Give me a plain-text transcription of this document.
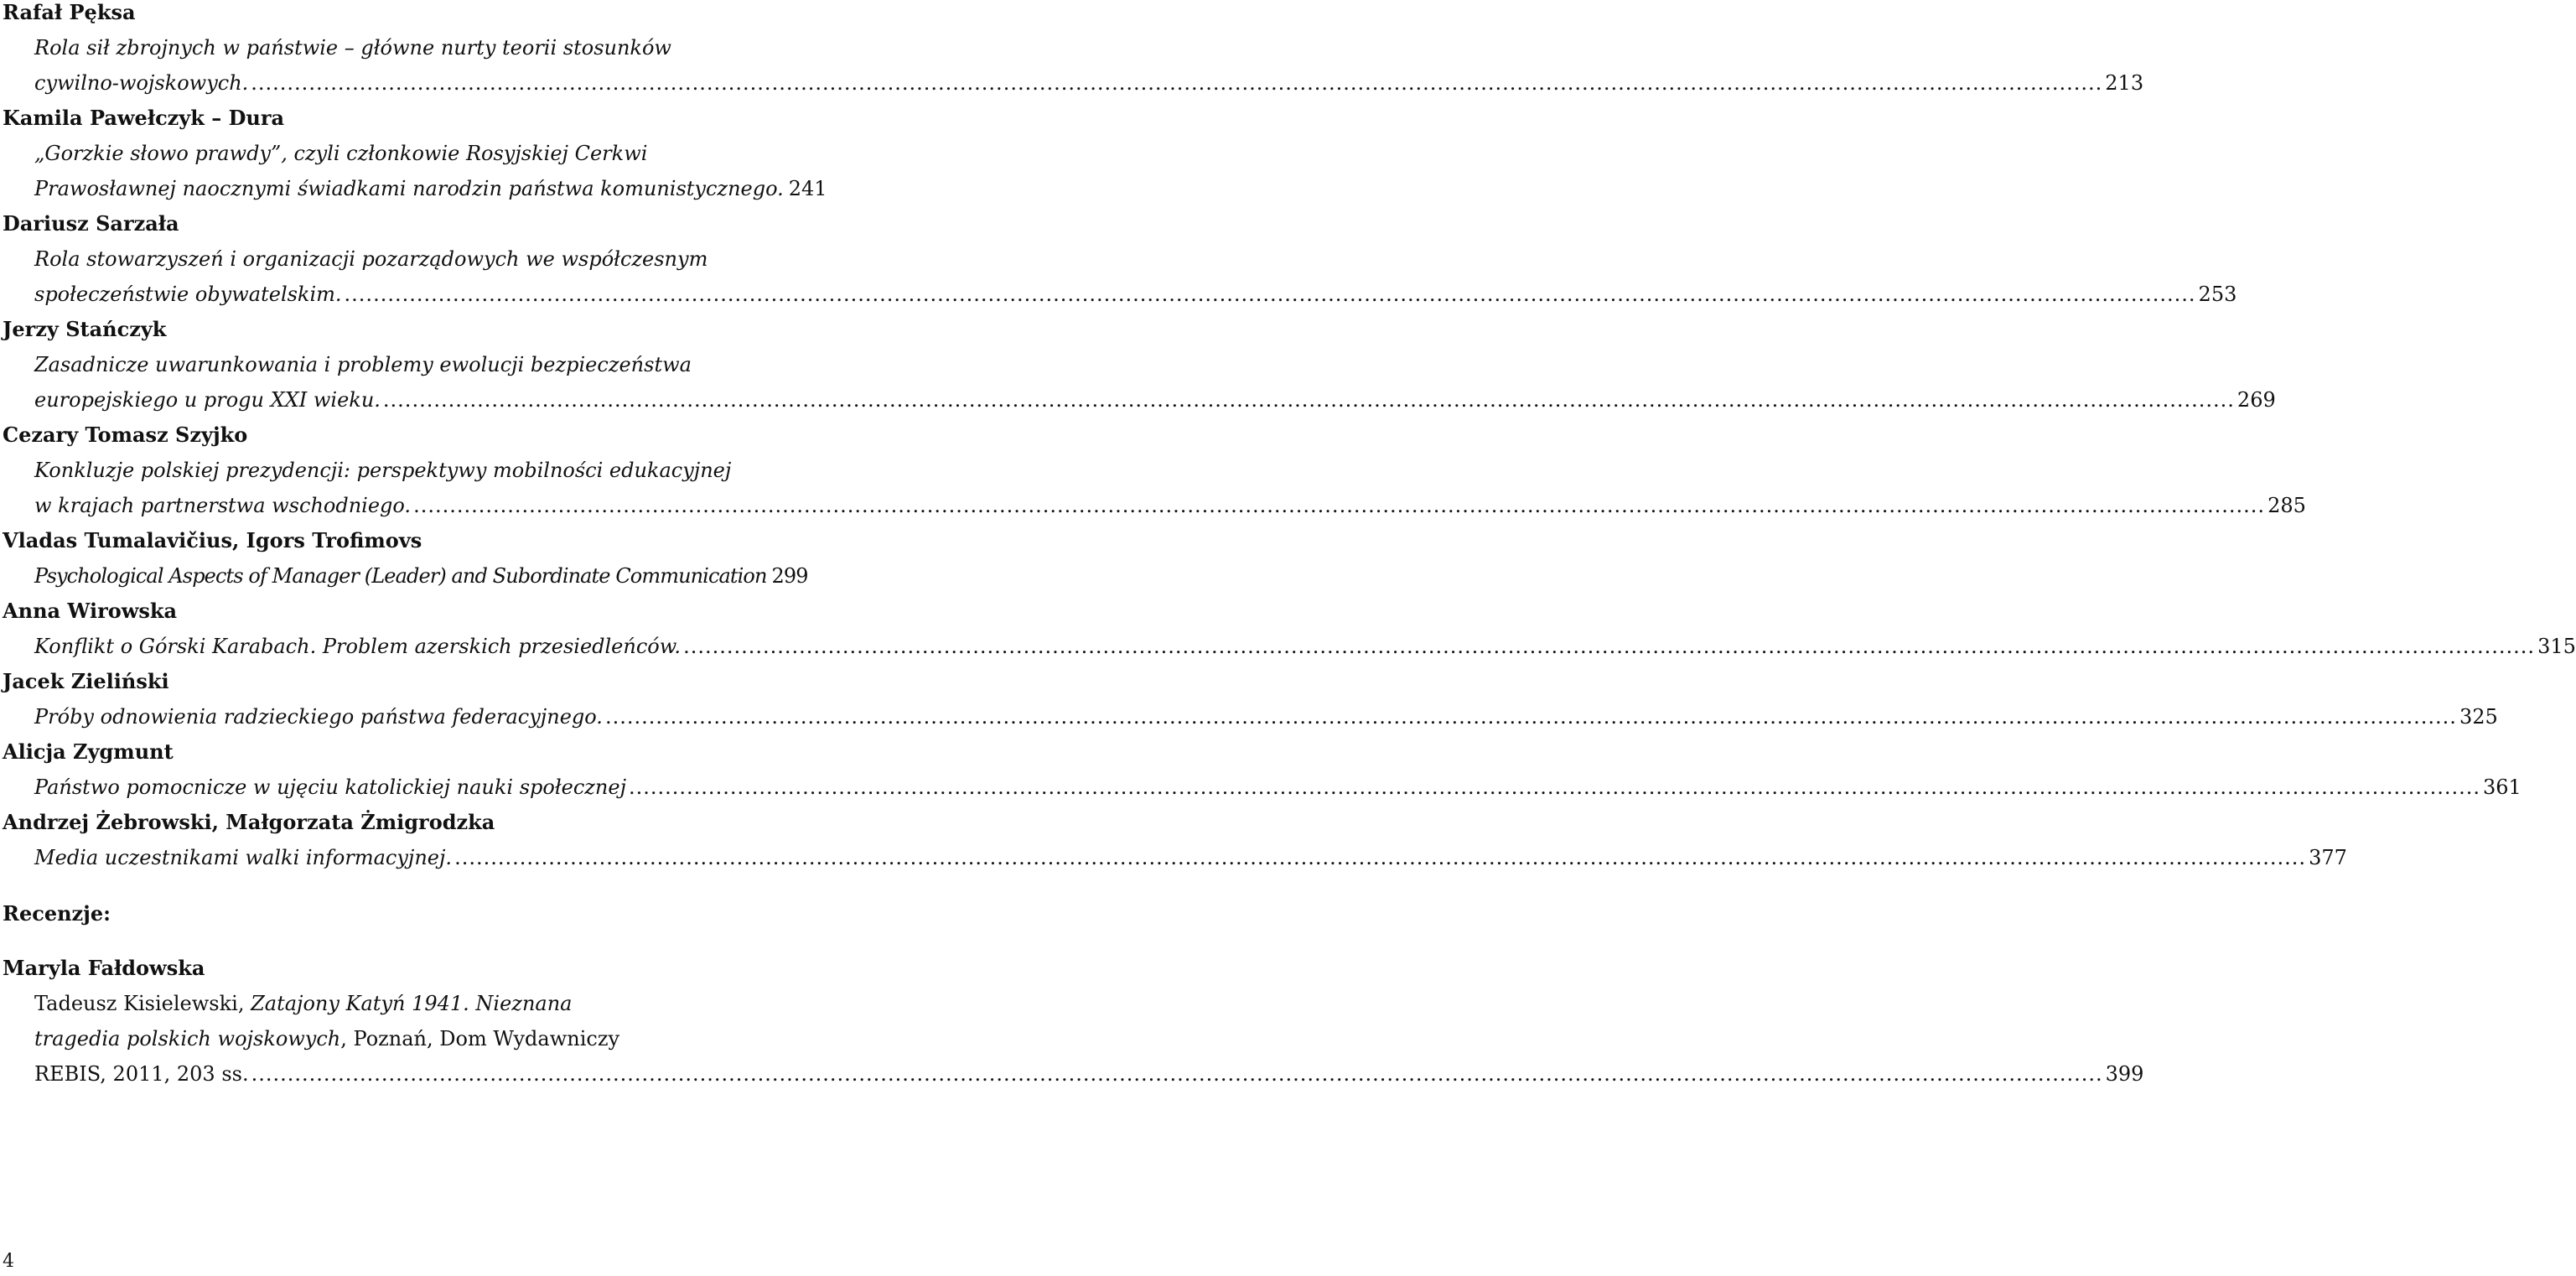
Rafał Pęksa
Rola sił zbrojnych w państwie – główne nurty teorii stosunków
cywilno-wojskowych. .....	213
Kamila Pawełczyk – Dura
„Gorzkie słowo prawdy”, czyli członkowie Rosyjskiej Cerkwi
Prawosławnej naocznymi świadkami narodzin państwa komunistycznego. 241
Dariusz Sarzała
Rola stowarzyszeń i organizacji pozarządowych we współczesnym
społeczeństwie obywatelskim. .....	253
Jerzy Stańczyk
Zasadnicze uwarunkowania i problemy ewolucji bezpieczeństwa
europejskiego u progu XXI wieku. .....	269
Cezary Tomasz Szyjko
Konkluzje polskiej prezydencji: perspektywy mobilności edukacyjnej
w krajach partnerstwa wschodniego. .....	285
Vladas Tumalavičius, Igors Trofimovs
Psychological Aspects of Manager (Leader) and Subordinate Communication 299
Anna Wirowska
Konflikt o Górski Karabach. Problem azerskich przesiedleńców. .....	315
Jacek Zieliński
Próby odnowienia radzieckiego państwa federacyjnego. .....	325
Alicja Zygmunt
Państwo pomocnicze w ujęciu katolickiej nauki społecznej .....	361
Andrzej Żebrowski, Małgorzata Żmigrodzka
Media uczestnikami walki informacyjnej. .....	377
Recenzje:
Maryla Fałdowska
Tadeusz Kisielewski, Zatajony Katyń 1941. Nieznana
tragedia polskich wojskowych, Poznań, Dom Wydawniczy
REBIS, 2011, 203 ss. .....	399
4
